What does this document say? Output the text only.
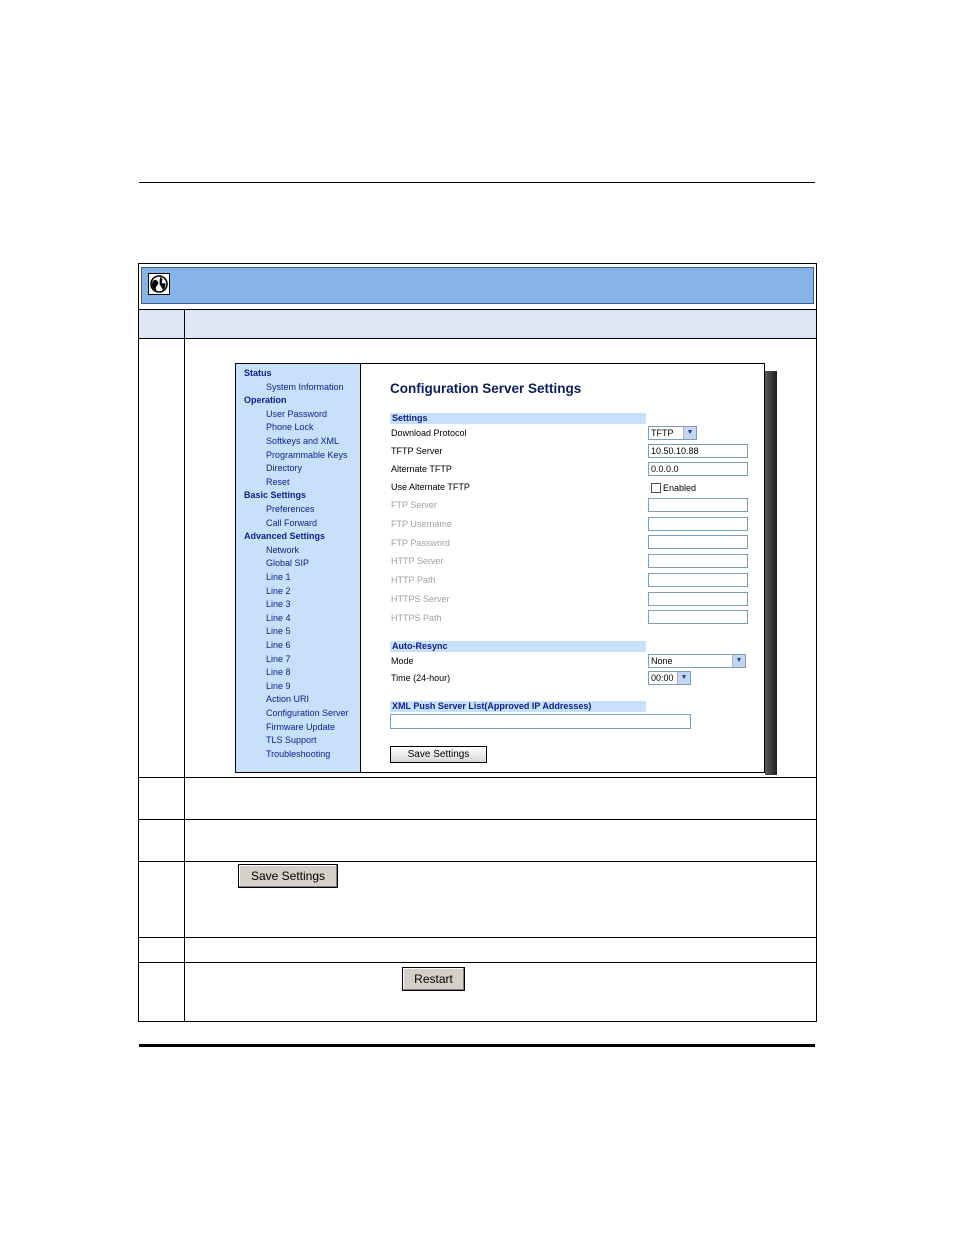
Status
System Information
Operation
User Password
Phone Lock
Softkeys and XML
Programmable Keys
Directory
Reset
Basic Settings
Preferences
Call Forward
Advanced Settings
Network
Global SIP
Line 1
Line 2
Line 3
Line 4
Line 5
Line 6
Line 7
Line 8
Line 9
Action URI
Configuration Server
Firmware Update
TLS Support
Troubleshooting
Configuration Server Settings
Settings
Download Protocol	TFTP	▼
TFTP Server	10.50.10.88
Alternate TFTP	0.0.0.0
Use Alternate TFTP	Enabled
FTP Server
FTP Username
FTP Password
HTTP Server
HTTP Path
HTTPS Server
HTTPS Path
Auto-Resync
Mode	None	▼
Time (24-hour)	00:00	▼
XML Push Server List(Approved IP Addresses)
Save Settings
Save Settings
Restart
